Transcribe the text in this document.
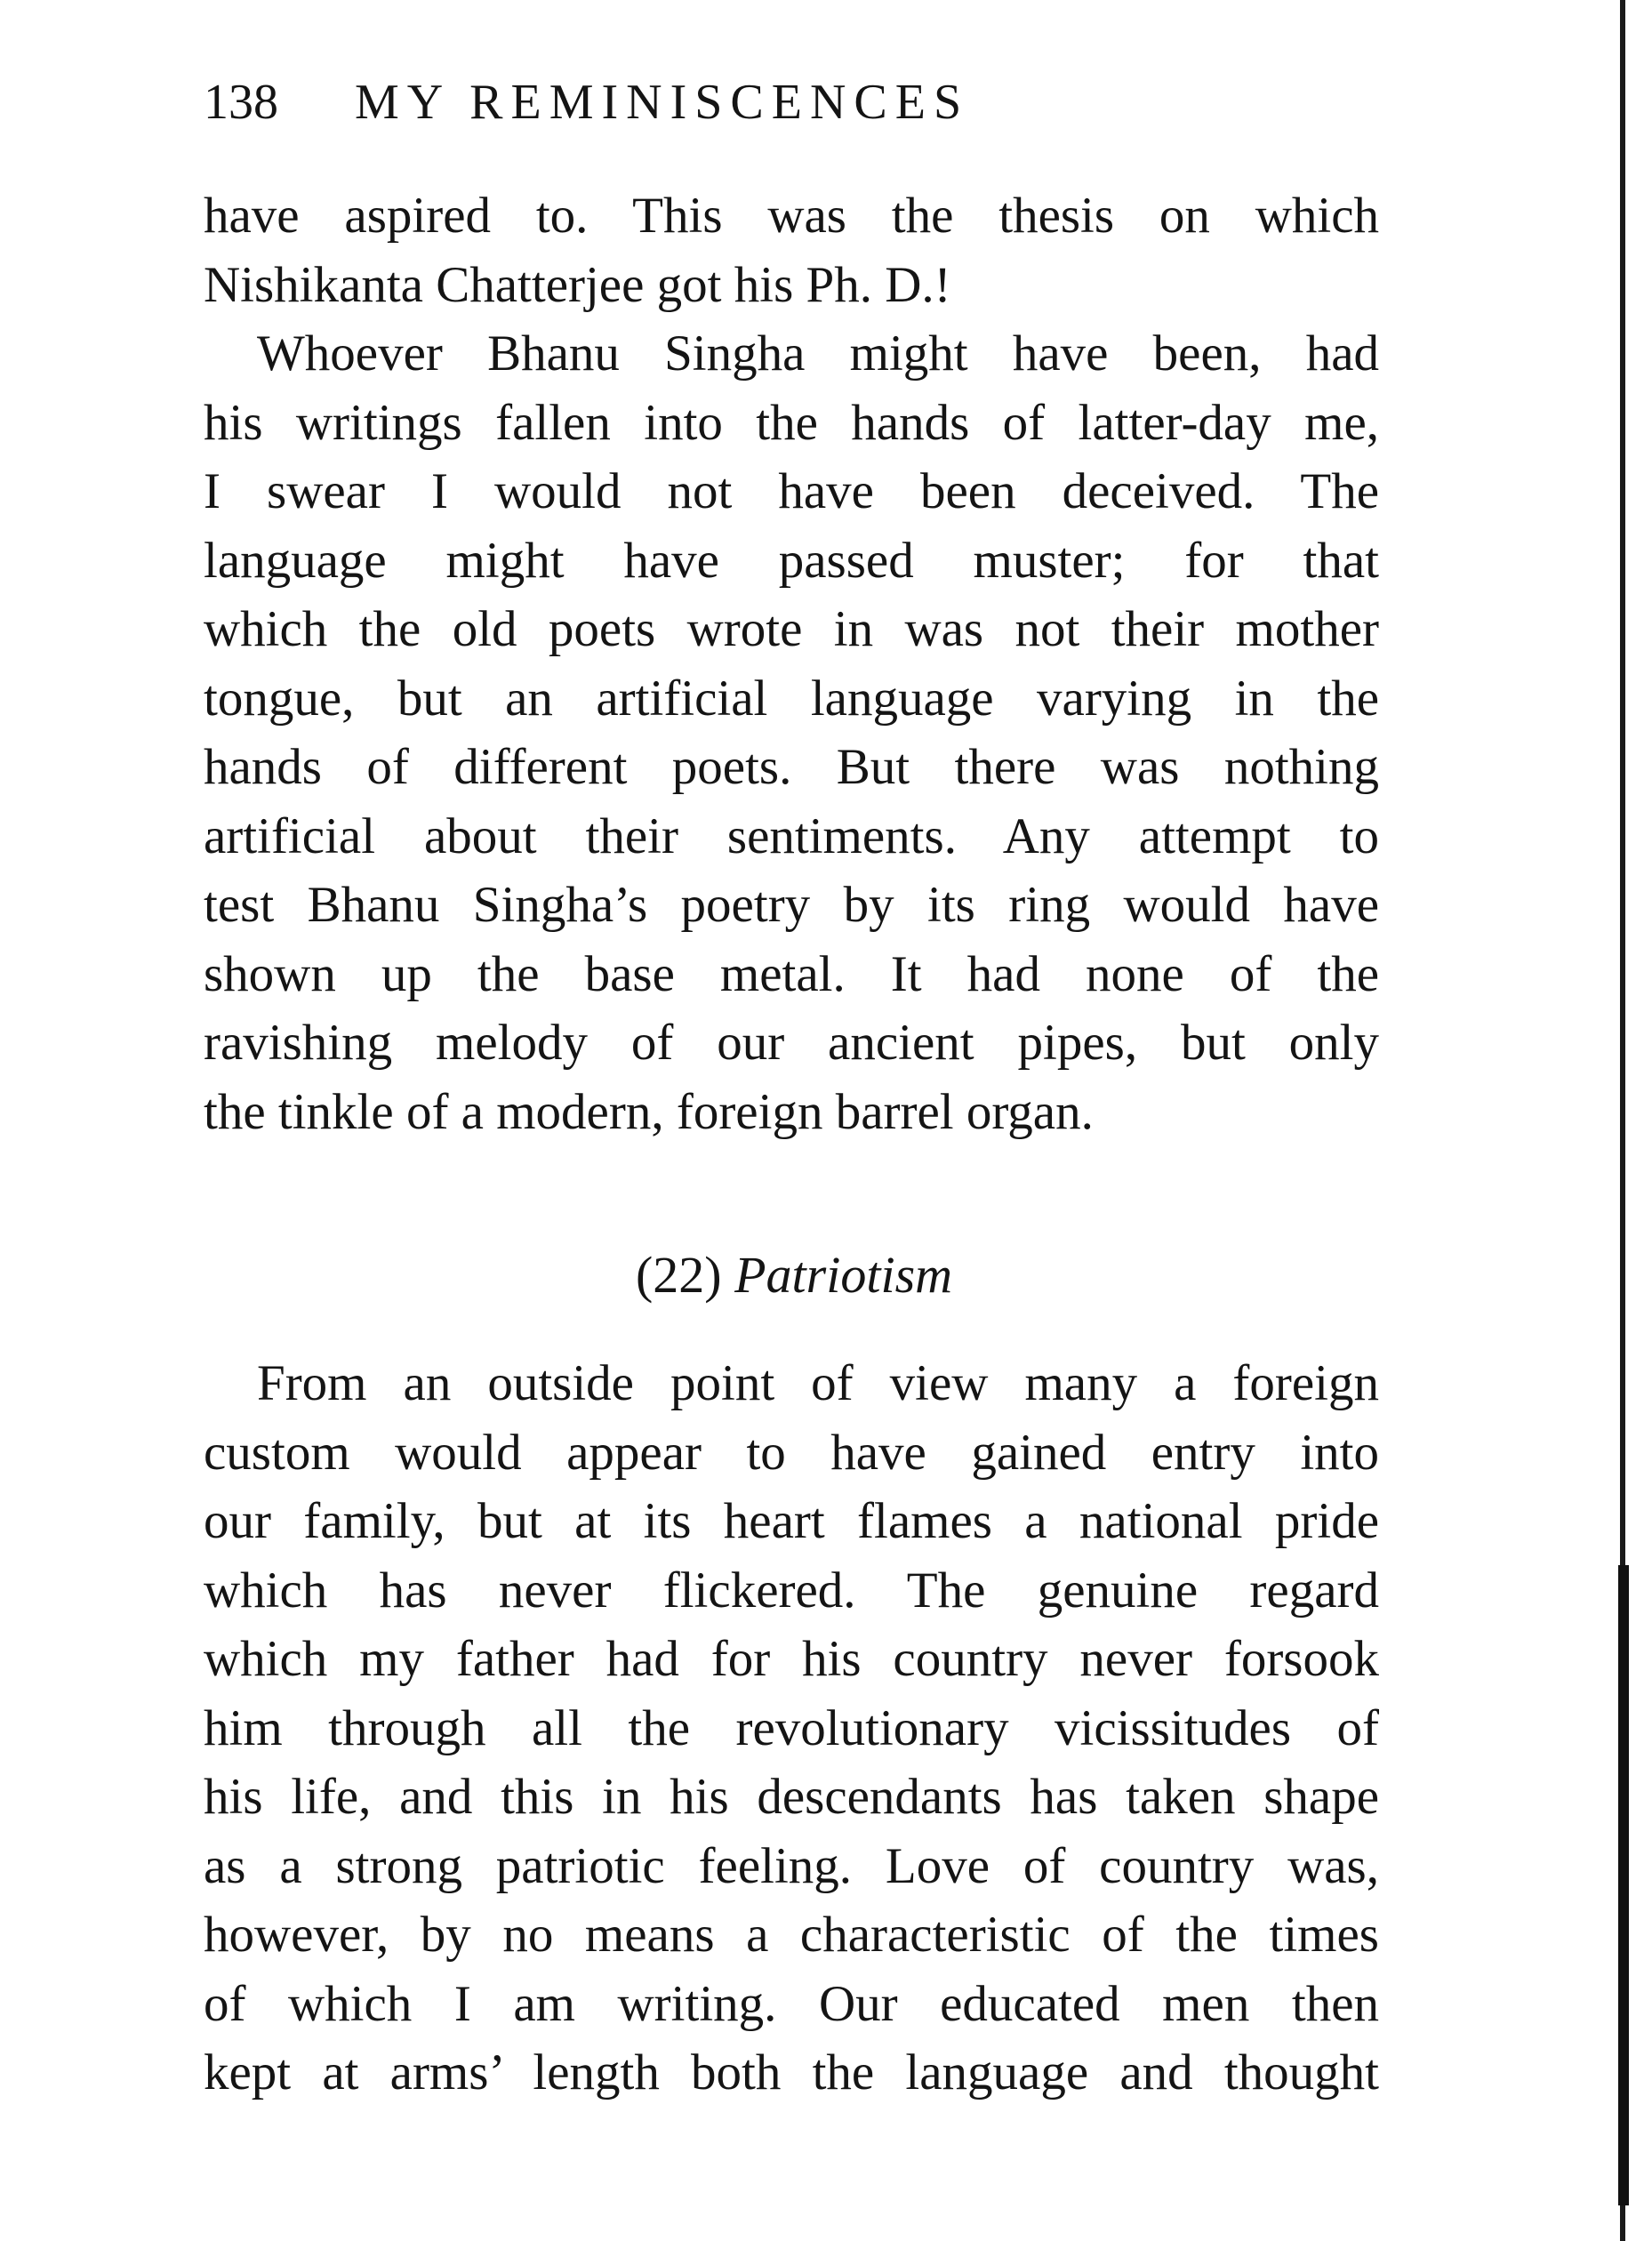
138 MY REMINISCENCES
have aspired to. This was the thesis on which
Nishikanta Chatterjee got his Ph. D.!
Whoever Bhanu Singha might have been, had
his writings fallen into the hands of latter-day me,
I swear I would not have been deceived. The
language might have passed muster; for that
which the old poets wrote in was not their mother
tongue, but an artificial language varying in the
hands of different poets. But there was nothing
artificial about their sentiments. Any attempt to
test Bhanu Singha’s poetry by its ring would have
shown up the base metal. It had none of the
ravishing melody of our ancient pipes, but only
the tinkle of a modern, foreign barrel organ.
(22) Patriotism
From an outside point of view many a foreign
custom would appear to have gained entry into
our family, but at its heart flames a national pride
which has never flickered. The genuine regard
which my father had for his country never forsook
him through all the revolutionary vicissitudes of
his life, and this in his descendants has taken shape
as a strong patriotic feeling. Love of country was,
however, by no means a characteristic of the times
of which I am writing. Our educated men then
kept at arms’ length both the language and thought
